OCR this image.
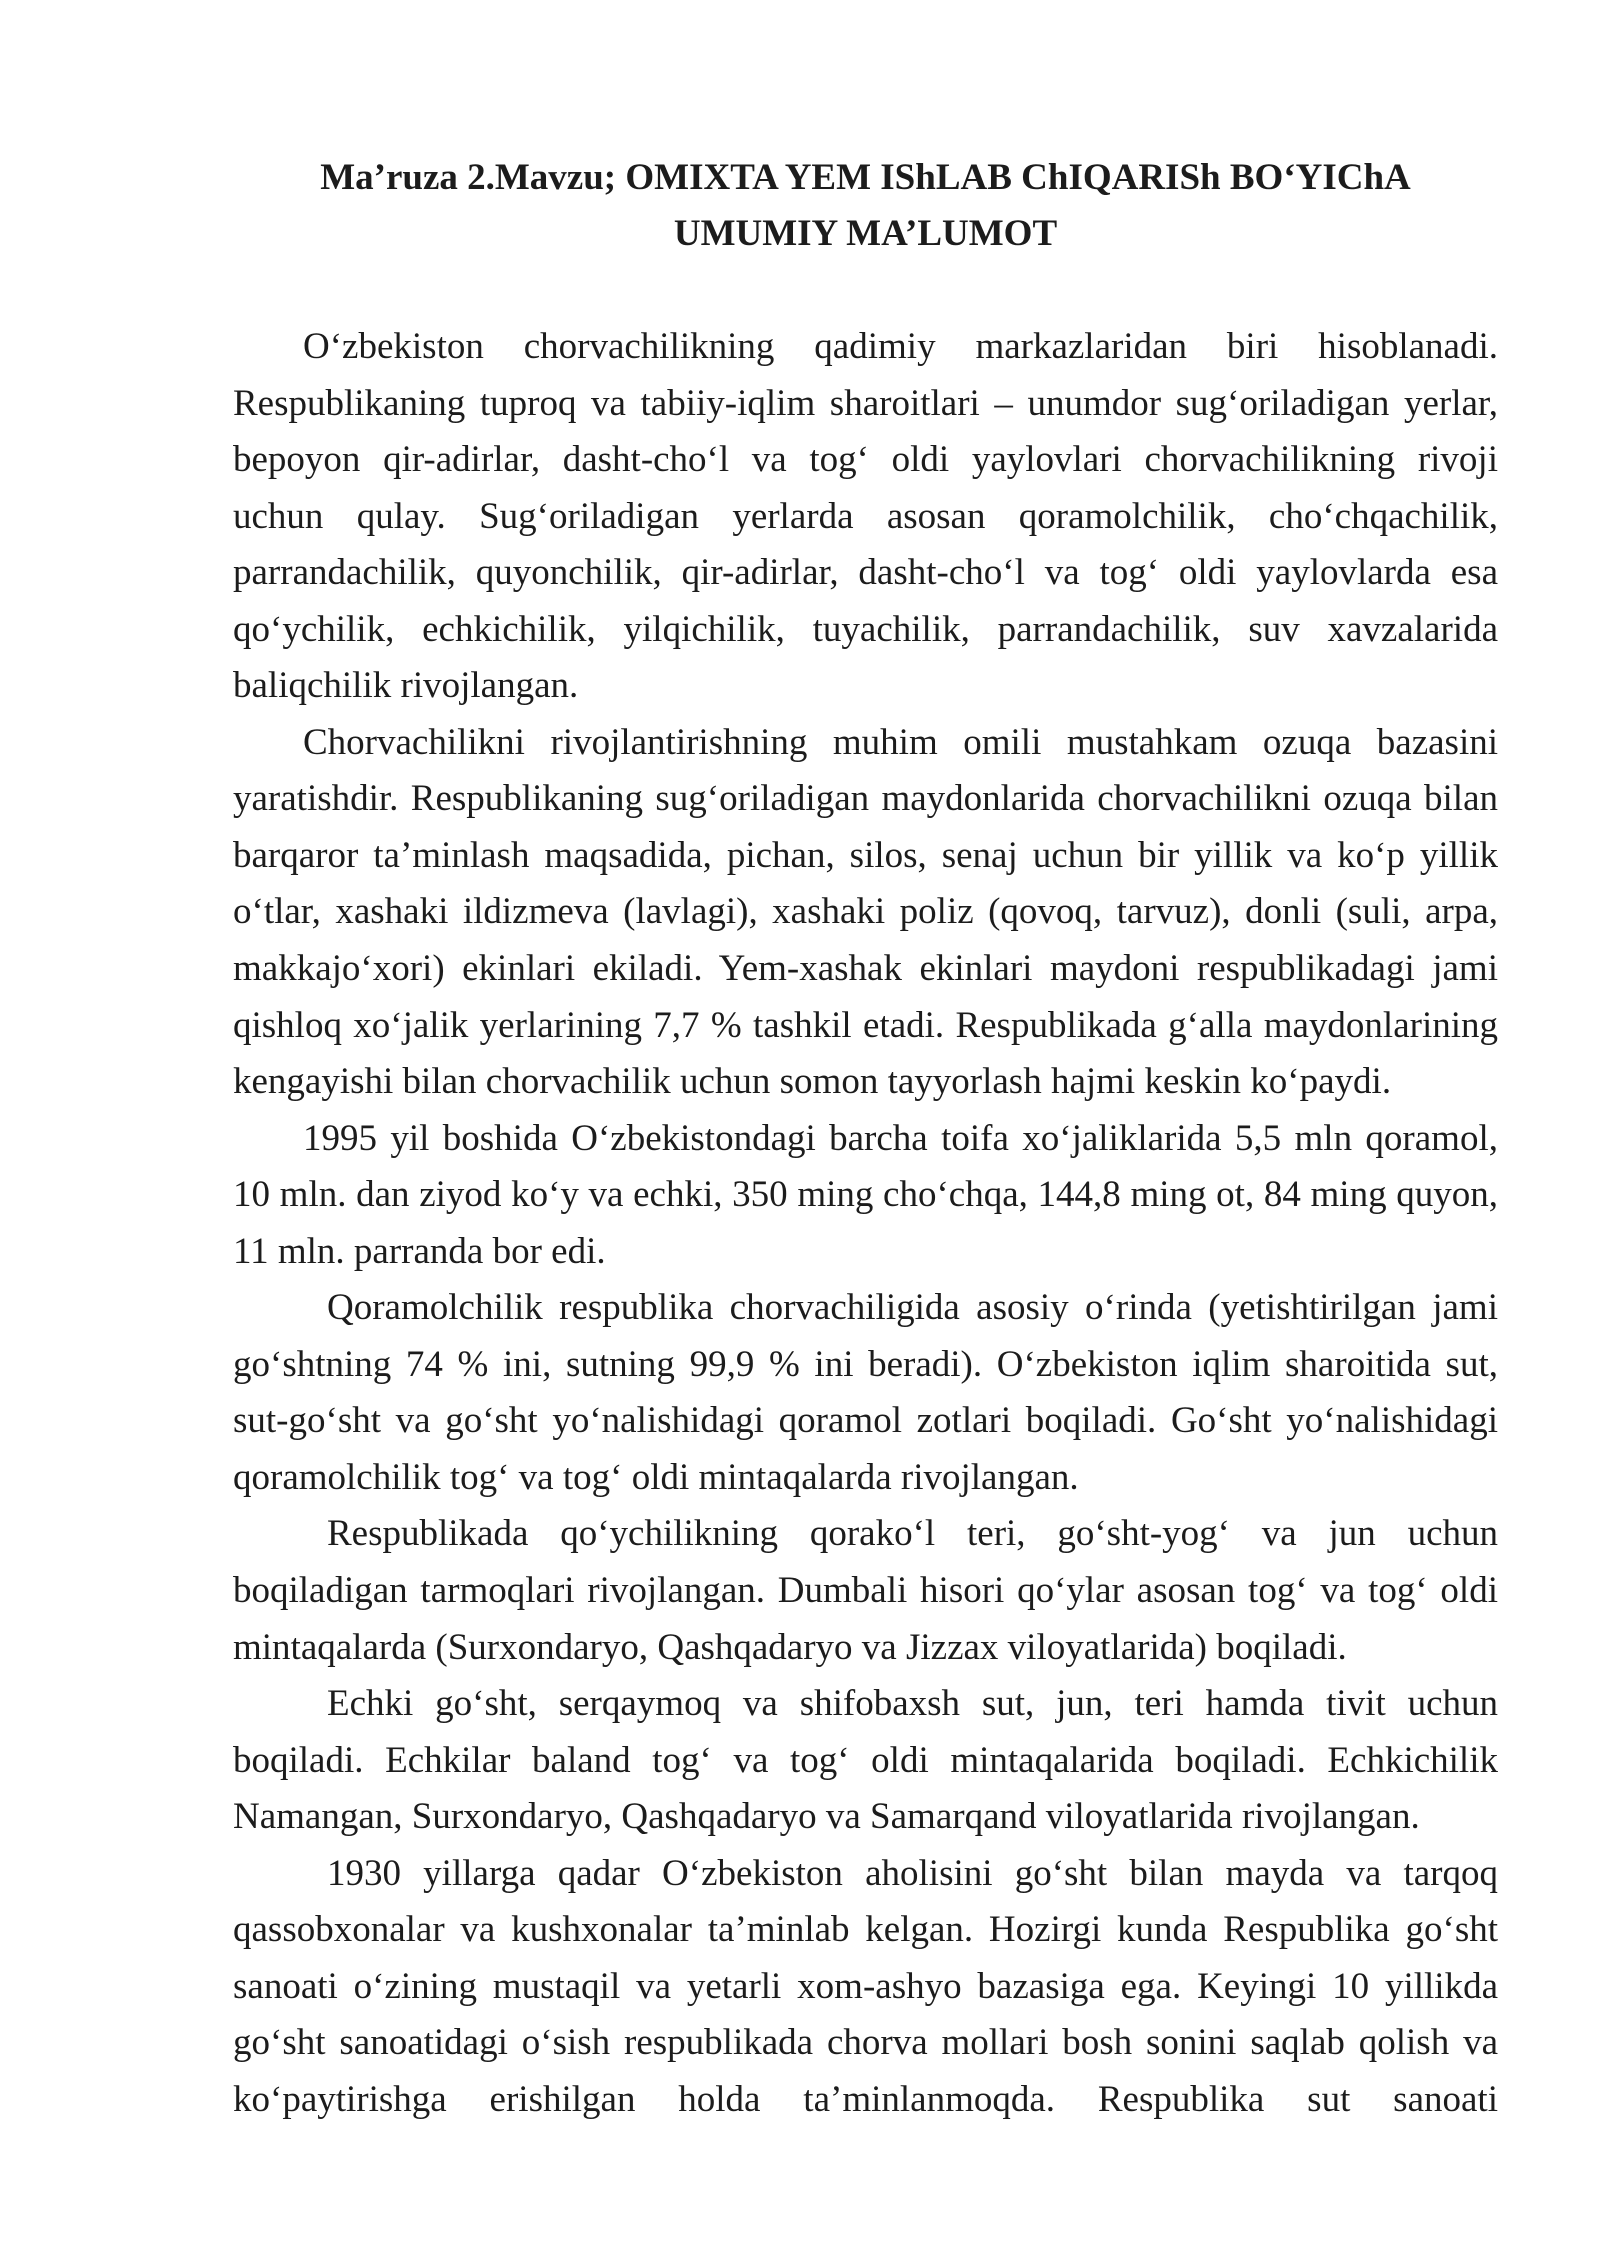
Ma’ruza 2.Mavzu; OMIXTA YEM IShLAB ChIQARISh BO‘YIChA
UMUMIY MA’LUMOT
O‘zbekiston chorvachilikning qadimiy markazlaridan biri hisoblanadi.
Respublikaning tuproq va tabiiy-iqlim sharoitlari – unumdor sug‘oriladigan yerlar,
bepoyon qir-adirlar, dasht-cho‘l va tog‘ oldi yaylovlari chorvachilikning rivoji
uchun qulay. Sug‘oriladigan yerlarda asosan qoramolchilik, cho‘chqachilik,
parrandachilik, quyonchilik, qir-adirlar, dasht-cho‘l va tog‘ oldi yaylovlarda esa
qo‘ychilik, echkichilik, yilqichilik, tuyachilik, parrandachilik, suv xavzalarida
baliqchilik rivojlangan.
Chorvachilikni rivojlantirishning muhim omili mustahkam ozuqa bazasini
yaratishdir. Respublikaning sug‘oriladigan maydonlarida chorvachilikni ozuqa bilan
barqaror ta’minlash maqsadida, pichan, silos, senaj uchun bir yillik va ko‘p yillik
o‘tlar, xashaki ildizmeva (lavlagi), xashaki poliz (qovoq, tarvuz), donli (suli, arpa,
makkajo‘xori) ekinlari ekiladi. Yem-xashak ekinlari maydoni respublikadagi jami
qishloq xo‘jalik yerlarining 7,7 % tashkil etadi. Respublikada g‘alla maydonlarining
kengayishi bilan chorvachilik uchun somon tayyorlash hajmi keskin ko‘paydi.
1995 yil boshida O‘zbekistondagi barcha toifa xo‘jaliklarida 5,5 mln qoramol,
10 mln. dan ziyod ko‘y va echki, 350 ming cho‘chqa, 144,8 ming ot, 84 ming quyon,
11 mln. parranda bor edi.
Qoramolchilik respublika chorvachiligida asosiy o‘rinda (yetishtirilgan jami
go‘shtning 74 % ini, sutning 99,9 % ini beradi). O‘zbekiston iqlim sharoitida sut,
sut-go‘sht va go‘sht yo‘nalishidagi qoramol zotlari boqiladi. Go‘sht yo‘nalishidagi
qoramolchilik tog‘ va tog‘ oldi mintaqalarda rivojlangan.
Respublikada qo‘ychilikning qorako‘l teri, go‘sht-yog‘ va jun uchun
boqiladigan tarmoqlari rivojlangan. Dumbali hisori qo‘ylar asosan tog‘ va tog‘ oldi
mintaqalarda (Surxondaryo, Qashqadaryo va Jizzax viloyatlarida) boqiladi.
Echki go‘sht, serqaymoq va shifobaxsh sut, jun, teri hamda tivit uchun
boqiladi. Echkilar baland tog‘ va tog‘ oldi mintaqalarida boqiladi. Echkichilik
Namangan, Surxondaryo, Qashqadaryo va Samarqand viloyatlarida rivojlangan.
1930 yillarga qadar O‘zbekiston aholisini go‘sht bilan mayda va tarqoq
qassobxonalar va kushxonalar ta’minlab kelgan. Hozirgi kunda Respublika go‘sht
sanoati o‘zining mustaqil va yetarli xom-ashyo bazasiga ega. Keyingi 10 yillikda
go‘sht sanoatidagi o‘sish respublikada chorva mollari bosh sonini saqlab qolish va
ko‘paytirishga erishilgan holda ta’minlanmoqda. Respublika sut sanoati
